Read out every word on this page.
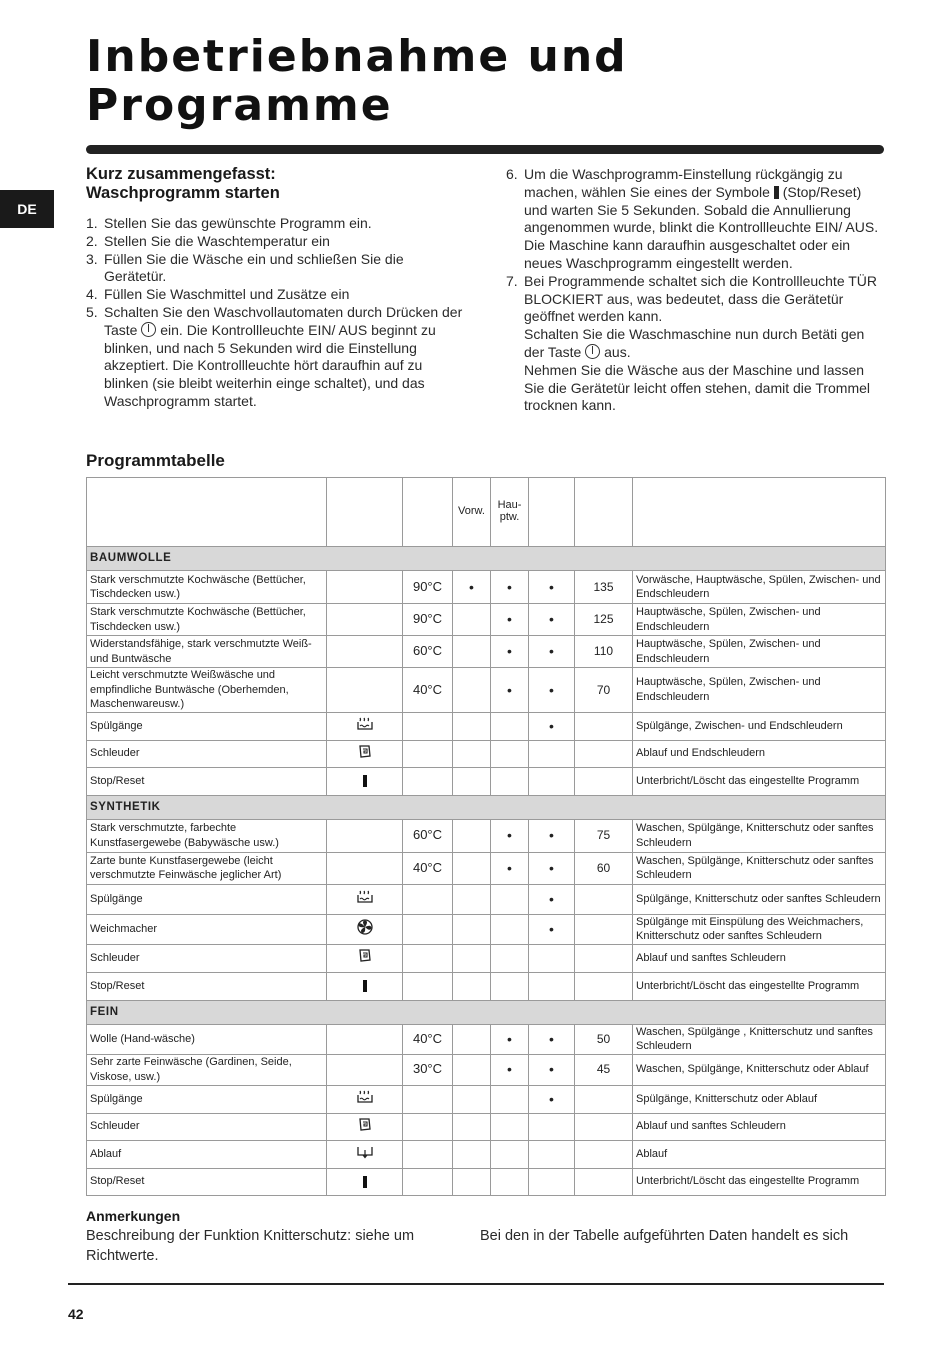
Inbetriebnahme und
Programme
DE
Kurz zusammengefasst:
Waschprogramm starten
1. Stellen Sie das gewünschte Programm ein.
2. Stellen Sie die Waschtemperatur ein
3. Füllen Sie die Wäsche ein und schließen Sie die Gerätetür.
4. Füllen Sie Waschmittel und Zusätze ein
5. Schalten Sie den Waschvollautomaten durch Drücken der Taste ein. Die Kontrollleuchte EIN/ AUS beginnt zu blinken, und nach 5 Sekunden wird die Einstellung akzeptiert. Die Kontrollleuchte hört daraufhin auf zu blinken (sie bleibt weiterhin einge schaltet), und das Waschprogramm startet.
6. Um die Waschprogramm-Einstellung rückgängig zu machen, wählen Sie eines der Symbole (Stop/Reset) und warten Sie 5 Sekunden. Sobald die Annullierung angenommen wurde, blinkt die Kontrollleuchte EIN/ AUS. Die Maschine kann daraufhin ausgeschaltet oder ein neues Waschprogramm eingestellt werden.
7. Bei Programmende schaltet sich die Kontrollleuchte TÜR BLOCKIERT aus, was bedeutet, dass die Gerätetür geöffnet werden kann.
Schalten Sie die Waschmaschine nun durch Betäti gen der Taste aus.
Nehmen Sie die Wäsche aus der Maschine und lassen Sie die Gerätetür leicht offen stehen, damit die Trommel trocknen kann.
Programmtabelle
			Vorw.	Hau-
ptw.			
BAUMWOLLE							
Stark verschmutzte Kochwäsche (Bettücher, Tischdecken usw.)		90°C	•	•	•	135	Vorwäsche, Hauptwäsche, Spülen, Zwischen- und Endschleudern
Stark verschmutzte Kochwäsche (Bettücher, Tischdecken usw.)		90°C		•	•	125	Hauptwäsche, Spülen, Zwischen- und Endschleudern
Widerstandsfähige, stark verschmutzte Weiß- und Buntwäsche		60°C		•	•	110	Hauptwäsche, Spülen, Zwischen- und Endschleudern
Leicht verschmutzte Weißwäsche und empfindliche Buntwäsche (Oberhemden, Maschenwareusw.)		40°C		•	•	70	Hauptwäsche, Spülen, Zwischen- und Endschleudern
Spülgänge					•		Spülgänge, Zwischen- und Endschleudern
Schleuder							Ablauf und Endschleudern
Stop/Reset							Unterbricht/Löscht das eingestellte Programm
SYNTHETIK							
Stark verschmutzte, farbechte Kunstfasergewebe (Babywäsche usw.)		60°C		•	•	75	Waschen, Spülgänge, Knitterschutz oder sanftes Schleudern
Zarte bunte Kunstfasergewebe (leicht verschmutzte Feinwäsche jeglicher Art)		40°C		•	•	60	Waschen, Spülgänge, Knitterschutz oder sanftes Schleudern
Spülgänge					•		Spülgänge, Knitterschutz oder sanftes Schleudern
Weichmacher					•		Spülgänge mit Einspülung des Weichmachers, Knitterschutz oder sanftes Schleudern
Schleuder							Ablauf und sanftes Schleudern
Stop/Reset							Unterbricht/Löscht das eingestellte Programm
FEIN							
Wolle (Hand-wäsche)		40°C		•	•	50	Waschen, Spülgänge , Knitterschutz und sanftes Schleudern
Sehr zarte Feinwäsche (Gardinen, Seide, Viskose, usw.)		30°C		•	•	45	Waschen, Spülgänge, Knitterschutz oder Ablauf
Spülgänge					•		Spülgänge, Knitterschutz oder Ablauf
Schleuder							Ablauf und sanftes Schleudern
Ablauf							Ablauf
Stop/Reset							Unterbricht/Löscht das eingestellte Programm
Anmerkungen

Beschreibung der Funktion Knitterschutz: siehe um Richtwerte.

Bei den in der Tabelle aufgeführten Daten handelt es sich

42
